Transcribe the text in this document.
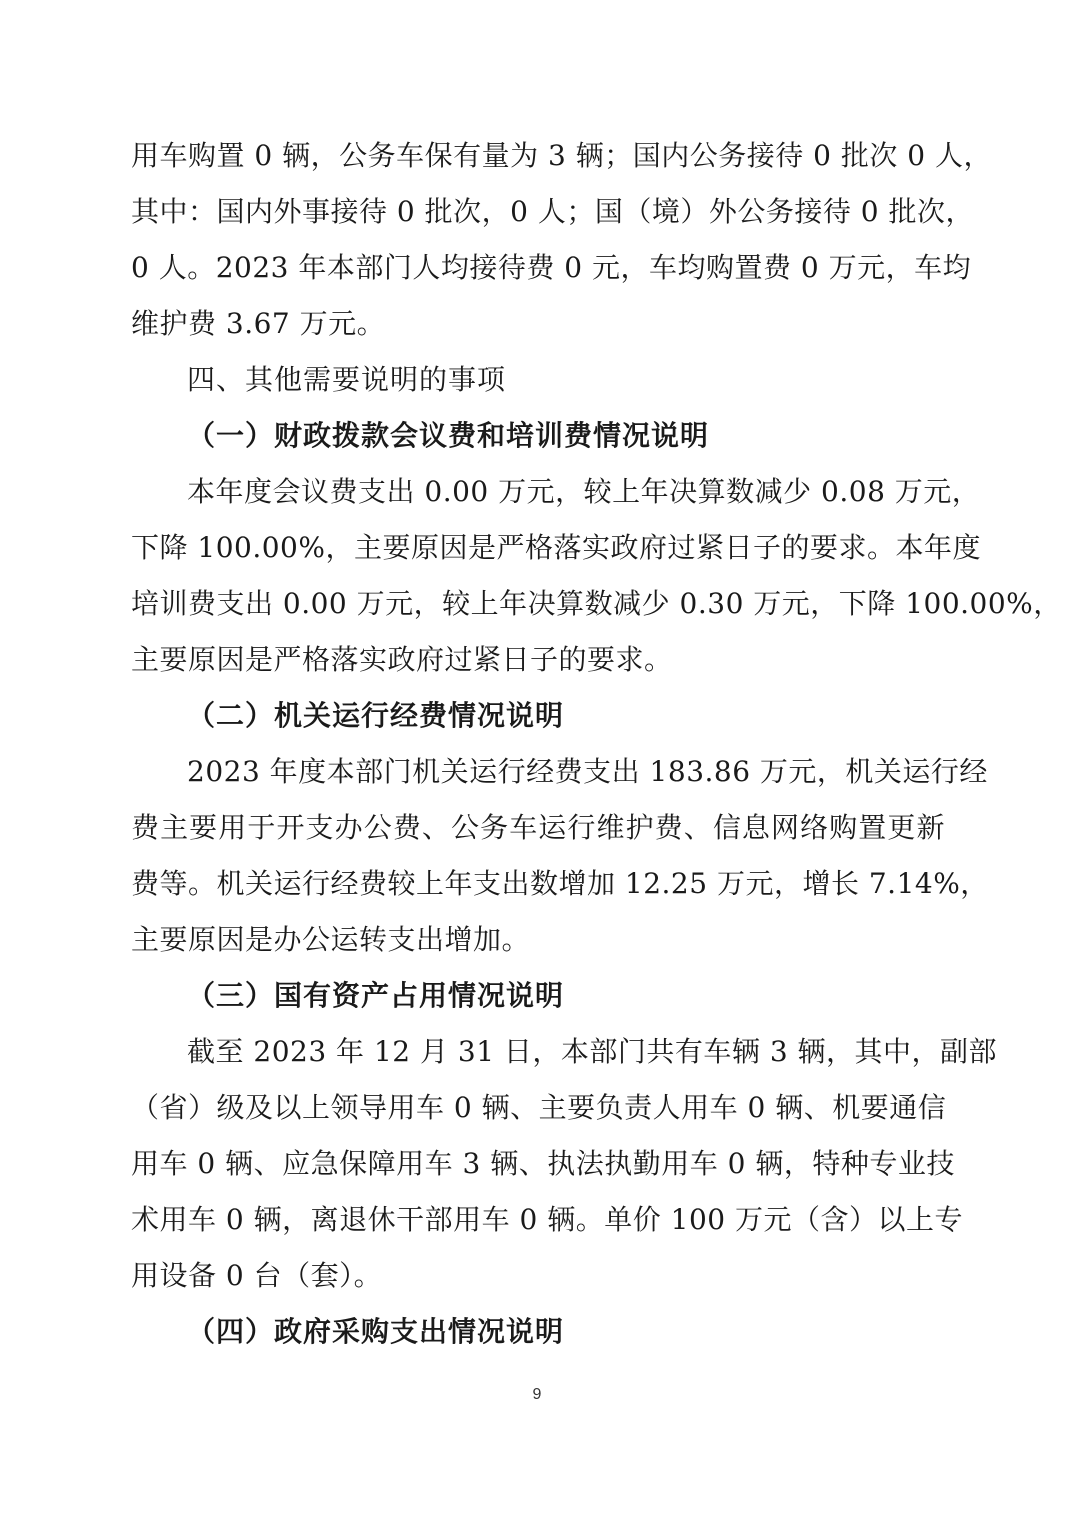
用车购置 0 辆，公务车保有量为 3 辆；国内公务接待 0 批次 0 人，
其中：国内外事接待 0 批次，0 人；国（境）外公务接待 0 批次，
0 人。2023 年本部门人均接待费 0 元，车均购置费 0 万元，车均
维护费 3.67 万元。
四、其他需要说明的事项
（一）财政拨款会议费和培训费情况说明
本年度会议费支出 0.00 万元，较上年决算数减少 0.08 万元，
下降 100.00%，主要原因是严格落实政府过紧日子的要求。本年度
培训费支出 0.00 万元，较上年决算数减少 0.30 万元，下降 100.00%，
主要原因是严格落实政府过紧日子的要求。
（二）机关运行经费情况说明
2023 年度本部门机关运行经费支出 183.86 万元，机关运行经
费主要用于开支办公费、公务车运行维护费、信息网络购置更新
费等。机关运行经费较上年支出数增加 12.25 万元，增长 7.14%，
主要原因是办公运转支出增加。
（三）国有资产占用情况说明
截至 2023 年 12 月 31 日，本部门共有车辆 3 辆，其中，副部
（省）级及以上领导用车 0 辆、主要负责人用车 0 辆、机要通信
用车 0 辆、应急保障用车 3 辆、执法执勤用车 0 辆，特种专业技
术用车 0 辆，离退休干部用车 0 辆。单价 100 万元（含）以上专
用设备 0 台（套）。
（四）政府采购支出情况说明
9
